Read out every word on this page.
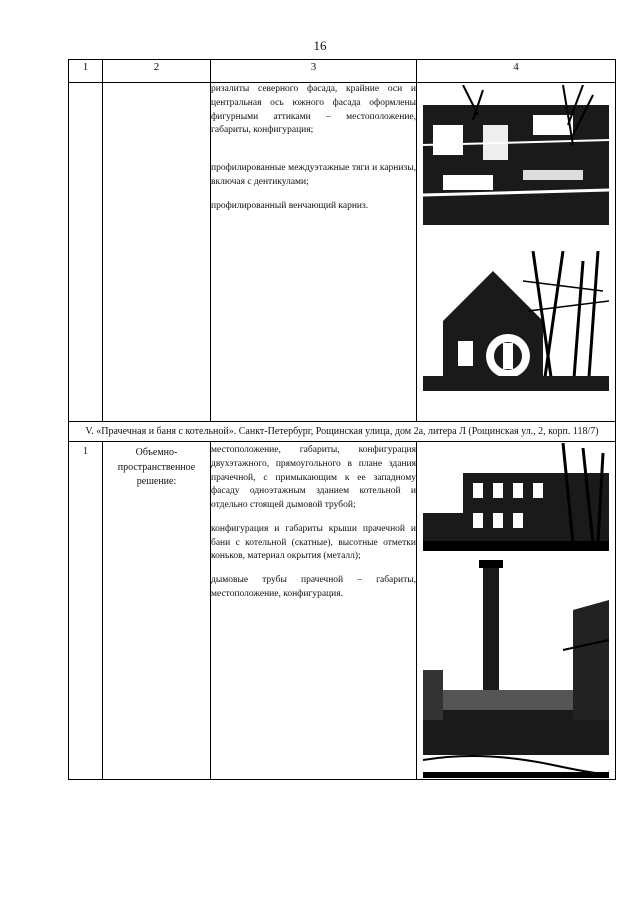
16
1	2	3	4

		ризалиты северного фасада, крайние оси и центральная ось южного фасада оформлены фигурными аттиками – местоположение, габариты, конфигурация;

профилированные междуэтажные тяги и карнизы, включая с дентикулами;

профилированный венчающий карниз.

V. «Прачечная и баня с котельной». Санкт-Петербург, Рощинская улица, дом 2а, литера Л (Рощинская ул., 2, корп. 118/7)			
1	Объемно-пространственное решение:	местоположение, габариты, конфигурация двухэтажного, прямоугольного в плане здания прачечной, с примыкающим к ее западному фасаду одноэтажным зданием котельной и отдельно стоящей дымовой трубой;

конфигурация и габариты крыши прачечной и бани с котельной (скатные), высотные отметки коньков, материал окрытия (металл);

дымовые трубы прачечной – габариты, местоположение, конфигурация.
